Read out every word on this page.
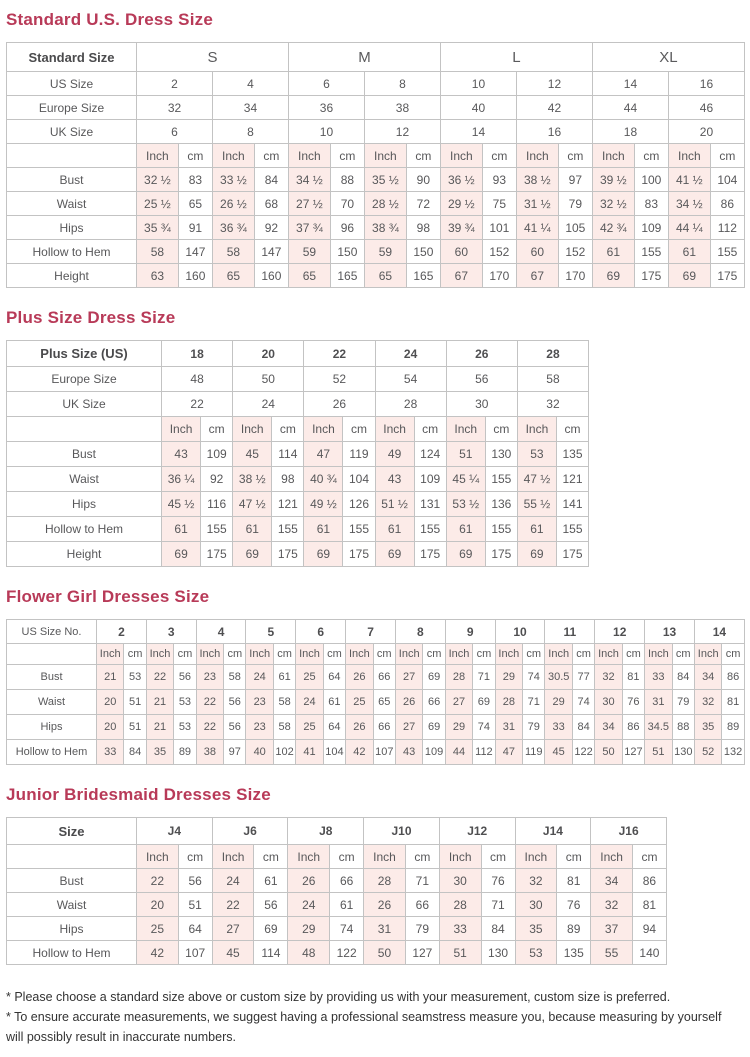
Standard U.S. Dress Size
Standard Size	S				M				L				XL			
US Size	2		4		6		8		10		12		14		16	
Europe Size	32		34		36		38		40		42		44		46	
UK Size	6		8		10		12		14		16		18		20	
	Inch	cm	Inch	cm	Inch	cm	Inch	cm	Inch	cm	Inch	cm	Inch	cm	Inch	cm
Bust	32 ½	83	33 ½	84	34 ½	88	35 ½	90	36 ½	93	38 ½	97	39 ½	100	41 ½	104
Waist	25 ½	65	26 ½	68	27 ½	70	28 ½	72	29 ½	75	31 ½	79	32 ½	83	34 ½	86
Hips	35 ¾	91	36 ¾	92	37 ¾	96	38 ¾	98	39 ¾	101	41 ¼	105	42 ¾	109	44 ¼	112
Hollow to Hem	58	147	58	147	59	150	59	150	60	152	60	152	61	155	61	155
Height	63	160	65	160	65	165	65	165	67	170	67	170	69	175	69	175
Plus Size Dress Size
Plus Size (US)	18		20		22		24		26		28	
Europe Size	48		50		52		54		56		58	
UK Size	22		24		26		28		30		32	
	Inch	cm	Inch	cm	Inch	cm	Inch	cm	Inch	cm	Inch	cm
Bust	43	109	45	114	47	119	49	124	51	130	53	135
Waist	36 ¼	92	38 ½	98	40 ¾	104	43	109	45 ¼	155	47 ½	121
Hips	45 ½	116	47 ½	121	49 ½	126	51 ½	131	53 ½	136	55 ½	141
Hollow to Hem	61	155	61	155	61	155	61	155	61	155	61	155
Height	69	175	69	175	69	175	69	175	69	175	69	175
Flower Girl Dresses Size
US Size No.	2		3		4		5		6		7		8		9		10		11		12		13		14	
	Inch	cm	Inch	cm	Inch	cm	Inch	cm	Inch	cm	Inch	cm	Inch	cm	Inch	cm	Inch	cm	Inch	cm	Inch	cm	Inch	cm	Inch	cm
Bust	21	53	22	56	23	58	24	61	25	64	26	66	27	69	28	71	29	74	30.5	77	32	81	33	84	34	86
Waist	20	51	21	53	22	56	23	58	24	61	25	65	26	66	27	69	28	71	29	74	30	76	31	79	32	81
Hips	20	51	21	53	22	56	23	58	25	64	26	66	27	69	29	74	31	79	33	84	34	86	34.5	88	35	89
Hollow to Hem	33	84	35	89	38	97	40	102	41	104	42	107	43	109	44	112	47	119	45	122	50	127	51	130	52	132
Junior Bridesmaid Dresses Size
Size	J4		J6		J8		J10		J12		J14		J16	
	Inch	cm	Inch	cm	Inch	cm	Inch	cm	Inch	cm	Inch	cm	Inch	cm
Bust	22	56	24	61	26	66	28	71	30	76	32	81	34	86
Waist	20	51	22	56	24	61	26	66	28	71	30	76	32	81
Hips	25	64	27	69	29	74	31	79	33	84	35	89	37	94
Hollow to Hem	42	107	45	114	48	122	50	127	51	130	53	135	55	140

* Please choose a standard size above or custom size by providing us with your measurement, custom size is preferred.

* To ensure accurate measurements, we suggest having a professional seamstress measure you, because measuring by yourself will possibly result in inaccurate numbers.
